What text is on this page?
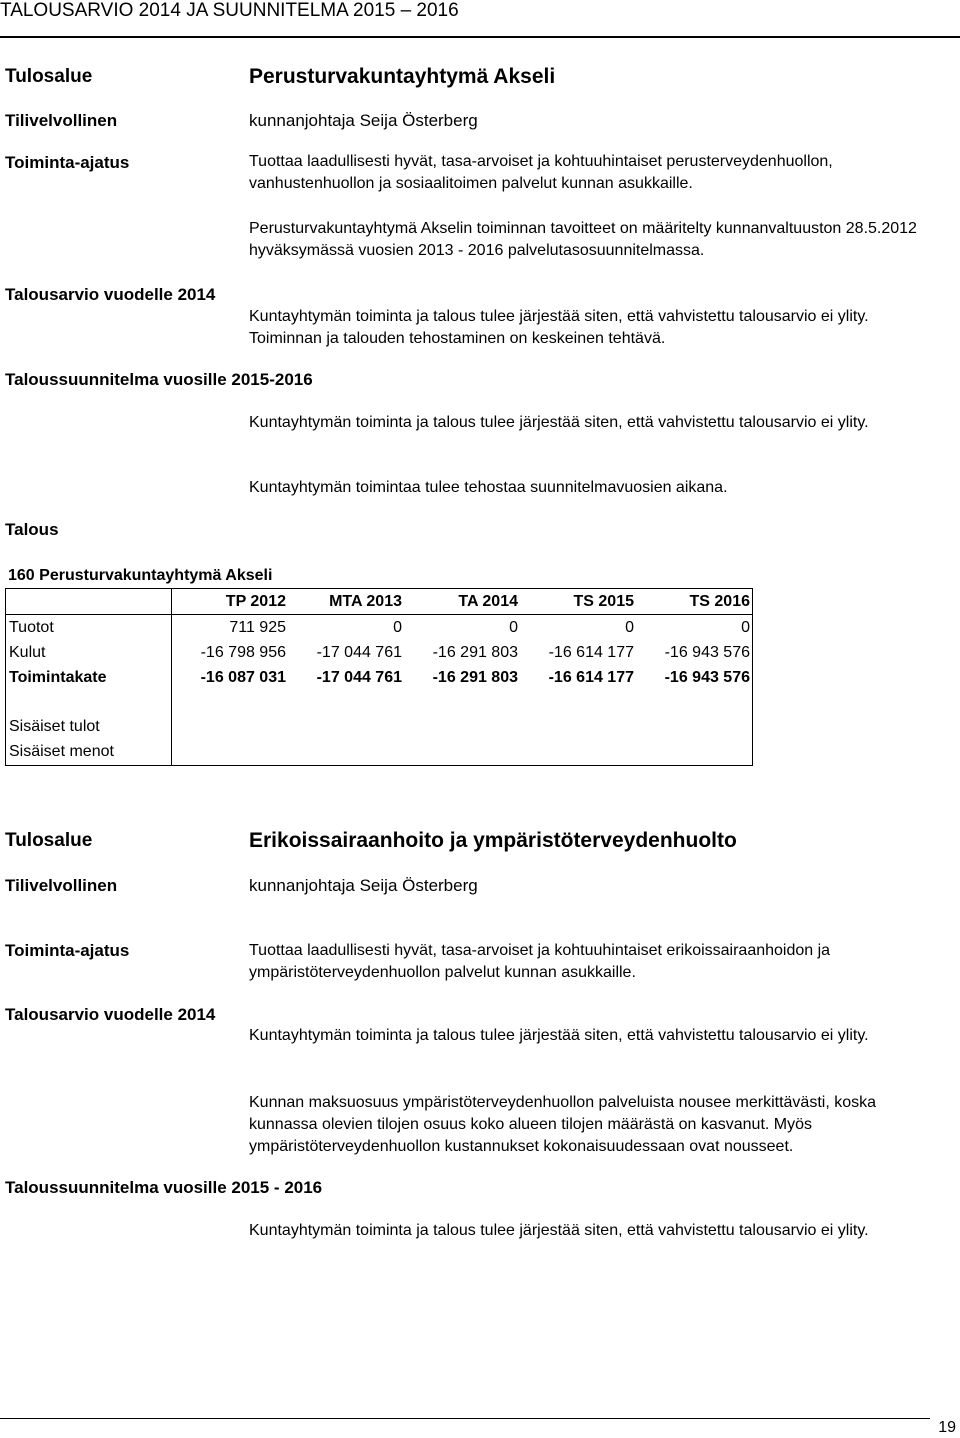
TALOUSARVIO 2014 JA SUUNNITELMA 2015 – 2016
Tulosalue	Perusturvakuntayhtymä Akseli
Tilivelvollinen	kunnanjohtaja Seija Österberg
Toiminta-ajatus	Tuottaa laadullisesti hyvät, tasa-arvoiset ja kohtuuhintaiset perusterveydenhuollon, vanhustenhuollon ja sosiaalitoimen palvelut kunnan asukkaille.
Perusturvakuntayhtymä Akselin toiminnan tavoitteet on määritelty kunnanvaltuuston 28.5.2012 hyväksymässä vuosien 2013 - 2016 palvelutasosuunnitelmassa.
Talousarvio vuodelle 2014
Kuntayhtymän toiminta ja talous tulee järjestää siten, että vahvistettu talousarvio ei ylity. Toiminnan ja talouden tehostaminen on keskeinen tehtävä.
Taloussuunnitelma vuosille 2015-2016
Kuntayhtymän toiminta ja talous tulee järjestää siten, että vahvistettu talousarvio ei ylity.
Kuntayhtymän toimintaa tulee tehostaa suunnitelmavuosien aikana.
Talous
160 Perusturvakuntayhtymä Akseli
	TP 2012	MTA 2013	TA 2014	TS 2015	TS 2016
Tuotot	711 925	0	0	0	0
Kulut	-16 798 956	-17 044 761	-16 291 803	-16 614 177	-16 943 576
Toimintakate	-16 087 031	-17 044 761	-16 291 803	-16 614 177	-16 943 576

Sisäiset tulot					
Sisäiset menot					
Tulosalue	Erikoissairaanhoito ja ympäristöterveydenhuolto
Tilivelvollinen	kunnanjohtaja Seija Österberg
Toiminta-ajatus	Tuottaa laadullisesti hyvät, tasa-arvoiset ja kohtuuhintaiset erikoissairaanhoidon ja ympäristöterveydenhuollon palvelut kunnan asukkaille.
Talousarvio vuodelle 2014
Kuntayhtymän toiminta ja talous tulee järjestää siten, että vahvistettu talousarvio ei ylity.
Kunnan maksuosuus ympäristöterveydenhuollon palveluista nousee merkittävästi, koska kunnassa olevien tilojen osuus koko alueen tilojen määrästä on kasvanut. Myös ympäristöterveydenhuollon kustannukset kokonaisuudessaan ovat nousseet.
Taloussuunnitelma vuosille 2015 - 2016
Kuntayhtymän toiminta ja talous tulee järjestää siten, että vahvistettu talousarvio ei ylity.
19
